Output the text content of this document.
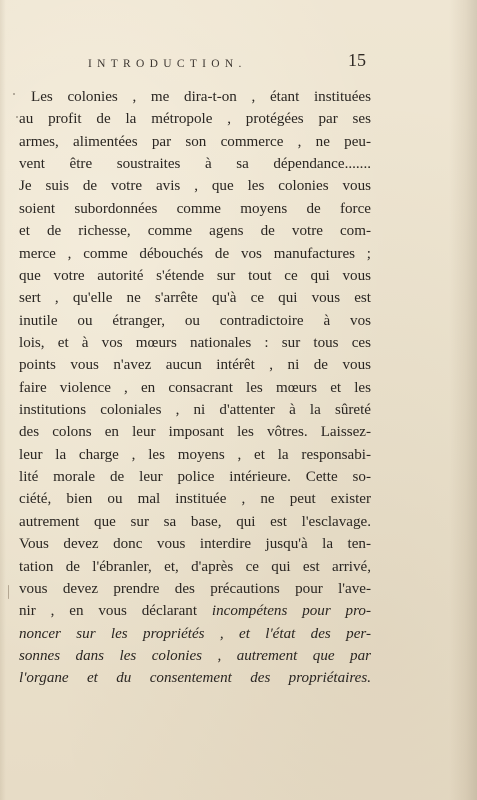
INTRODUCTION.	15
Les colonies , me dira-t-on , étant instituées
au profit de la métropole , protégées par ses
armes, alimentées par son commerce , ne peu-
vent être soustraites à sa dépendance.......
Je suis de votre avis , que les colonies vous
soient subordonnées comme moyens de force
et de richesse, comme agens de votre com-
merce , comme débouchés de vos manufactures ;
que votre autorité s'étende sur tout ce qui vous
sert , qu'elle ne s'arrête qu'à ce qui vous est
inutile ou étranger, ou contradictoire à vos
lois, et à vos mœurs nationales : sur tous ces
points vous n'avez aucun intérêt , ni de vous
faire violence , en consacrant les mœurs et les
institutions coloniales , ni d'attenter à la sûreté
des colons en leur imposant les vôtres. Laissez-
leur la charge , les moyens , et la responsabi-
lité morale de leur police intérieure. Cette so-
ciété, bien ou mal instituée , ne peut exister
autrement que sur sa base, qui est l'esclavage.
Vous devez donc vous interdire jusqu'à la ten-
tation de l'ébranler, et, d'après ce qui est arrivé,
vous devez prendre des précautions pour l'ave-
nir , en vous déclarant incompétens pour pro-
noncer sur les propriétés , et l'état des per-
sonnes dans les colonies , autrement que par
l'organe et du consentement des propriétaires.
